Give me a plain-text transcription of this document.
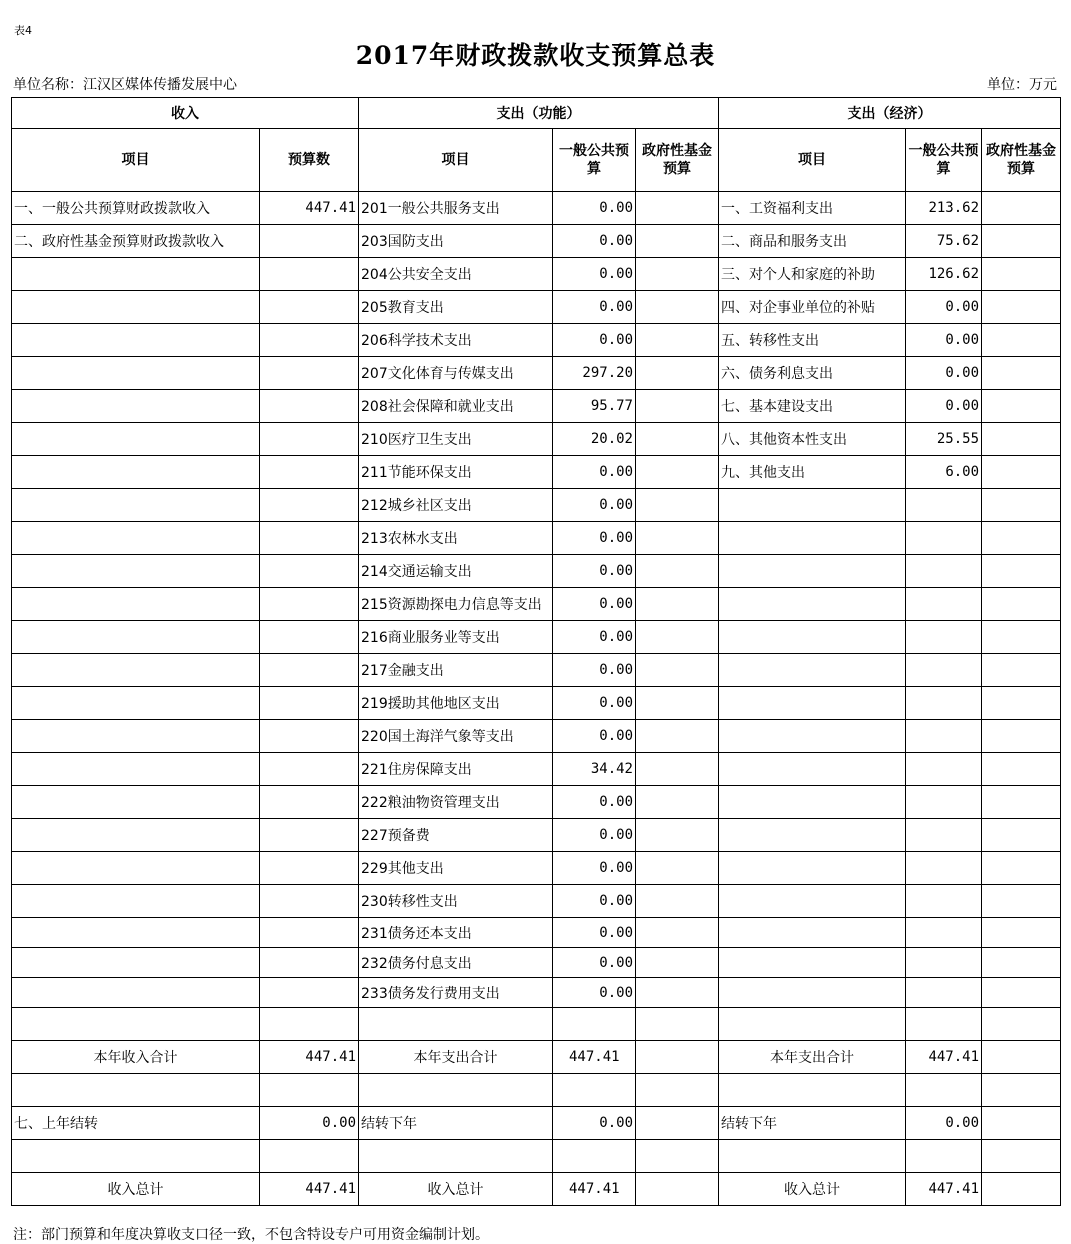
表4
2017年财政拨款收支预算总表
单位名称：江汉区媒体传播发展中心	单位：万元
收入		支出（功能）			支出（经济）		
项目	预算数	项目	一般公共预算	政府性基金预算	项目	一般公共预算	政府性基金预算
一、一般公共预算财政拨款收入	447.41	201一般公共服务支出	0.00		一、工资福利支出	213.62	
二、政府性基金预算财政拨款收入		203国防支出	0.00		二、商品和服务支出	75.62	
		204公共安全支出	0.00		三、对个人和家庭的补助	126.62	
		205教育支出	0.00		四、对企事业单位的补贴	0.00	
		206科学技术支出	0.00		五、转移性支出	0.00	
		207文化体育与传媒支出	297.20		六、债务利息支出	0.00	
		208社会保障和就业支出	95.77		七、基本建设支出	0.00	
		210医疗卫生支出	20.02		八、其他资本性支出	25.55	
		211节能环保支出	0.00		九、其他支出	6.00	
		212城乡社区支出	0.00				
		213农林水支出	0.00				
		214交通运输支出	0.00				
		215资源勘探电力信息等支出	0.00				
		216商业服务业等支出	0.00				
		217金融支出	0.00				
		219援助其他地区支出	0.00				
		220国土海洋气象等支出	0.00				
		221住房保障支出	34.42				
		222粮油物资管理支出	0.00				
		227预备费	0.00				
		229其他支出	0.00				
		230转移性支出	0.00				
		231债务还本支出	0.00				
		232债务付息支出	0.00				
		233债务发行费用支出	0.00				

本年收入合计	447.41	本年支出合计	447.41		本年支出合计	447.41	

七、上年结转	0.00	结转下年	0.00		结转下年	0.00	

收入总计	447.41	收入总计	447.41		收入总计	447.41	
注：部门预算和年度决算收支口径一致，不包含特设专户可用资金编制计划。
